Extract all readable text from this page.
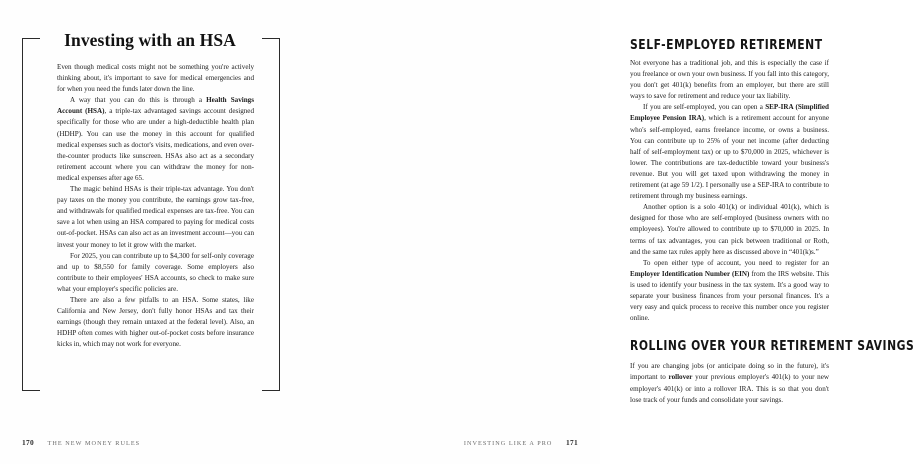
Investing with an HSA

Even though medical costs might not be something you're actively thinking about, it's important to save for medical emergencies and for when you need the funds later down the line.

A way that you can do this is through a Health Savings Account (HSA), a triple-tax advantaged savings account designed specifically for those who are under a high-deductible health plan (HDHP). You can use the money in this account for qualified medical expenses such as doctor's visits, medications, and even over-the-counter products like sunscreen. HSAs also act as a secondary retirement account where you can withdraw the money for non-medical expenses after age 65.

The magic behind HSAs is their triple-tax advantage. You don't pay taxes on the money you contribute, the earnings grow tax-free, and withdrawals for qualified medical expenses are tax-free. You can save a lot when using an HSA compared to paying for medical costs out-of-pocket. HSAs can also act as an investment account—you can invest your money to let it grow with the market.

For 2025, you can contribute up to $4,300 for self-only coverage and up to $8,550 for family coverage. Some employers also contribute to their employees' HSA accounts, so check to make sure what your employer's specific policies are.

There are also a few pitfalls to an HSA. Some states, like California and New Jersey, don't fully honor HSAs and tax their earnings (though they remain untaxed at the federal level). Also, an HDHP often comes with higher out-of-pocket costs before insurance kicks in, which may not work for everyone.

170 THE NEW MONEY RULES
SELF-EMPLOYED RETIREMENT

Not everyone has a traditional job, and this is especially the case if you freelance or own your own business. If you fall into this category, you don't get 401(k) benefits from an employer, but there are still ways to save for retirement and reduce your tax liability.

If you are self-employed, you can open a SEP-IRA (Simplified Employee Pension IRA), which is a retirement account for anyone who's self-employed, earns freelance income, or owns a business. You can contribute up to 25% of your net income (after deducting half of self-employment tax) or up to $70,000 in 2025, whichever is lower. The contributions are tax-deductible toward your business's revenue. But you will get taxed upon withdrawing the money in retirement (at age 59 1/2). I personally use a SEP-IRA to contribute to retirement through my business earnings.

Another option is a solo 401(k) or individual 401(k), which is designed for those who are self-employed (business owners with no employees). You're allowed to contribute up to $70,000 in 2025. In terms of tax advantages, you can pick between traditional or Roth, and the same tax rules apply here as discussed above in “401(k)s.”

To open either type of account, you need to register for an Employer Identification Number (EIN) from the IRS website. This is used to identify your business in the tax system. It's a good way to separate your business finances from your personal finances. It's a very easy and quick process to receive this number once you register online.

ROLLING OVER YOUR RETIREMENT SAVINGS

If you are changing jobs (or anticipate doing so in the future), it's important to rollover your previous employer's 401(k) to your new employer's 401(k) or into a rollover IRA. This is so that you don't lose track of your funds and consolidate your savings.

INVESTING LIKE A PRO 171
